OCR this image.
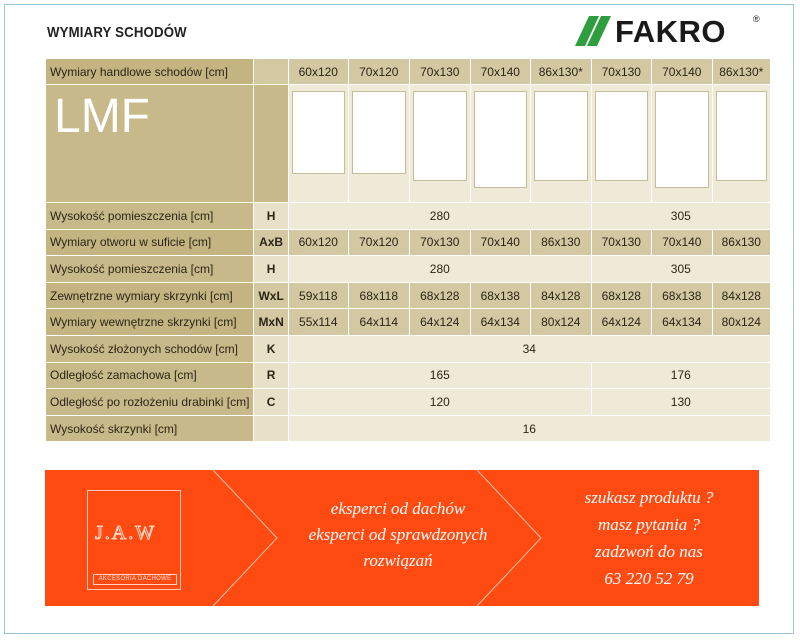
WYMIARY SCHODÓW	FAKRO	®
Wymiary handlowe schodów [cm]		60x120	70x120	70x130	70x140	86x130*	70x130	70x140	86x130*
LMF		

Wysokość pomieszczenia [cm]	H	280					305		
Wymiary otworu w suficie [cm]	AxB	60x120	70x120	70x130	70x140	86x130	70x130	70x140	86x130
Wysokość pomieszczenia [cm]	H	280					305		
Zewnętrzne wymiary skrzynki [cm]	WxL	59x118	68x118	68x128	68x138	84x128	68x128	68x138	84x128
Wymiary wewnętrzne skrzynki [cm]	MxN	55x114	64x114	64x124	64x134	80x124	64x124	64x134	80x124
Wysokość złożonych schodów [cm]	K	34							
Odległość zamachowa [cm]	R	165					176		
Odległość po rozłożeniu drabinki [cm]	C	120					130		
Wysokość skrzynki [cm]		16							
J.A.W
AKCESORIA DACHOWE
eksperci od dachów
eksperci od sprawdzonych
rozwiązań
szukasz produktu ?
masz pytania ?
zadzwoń do nas
63 220 52 79
